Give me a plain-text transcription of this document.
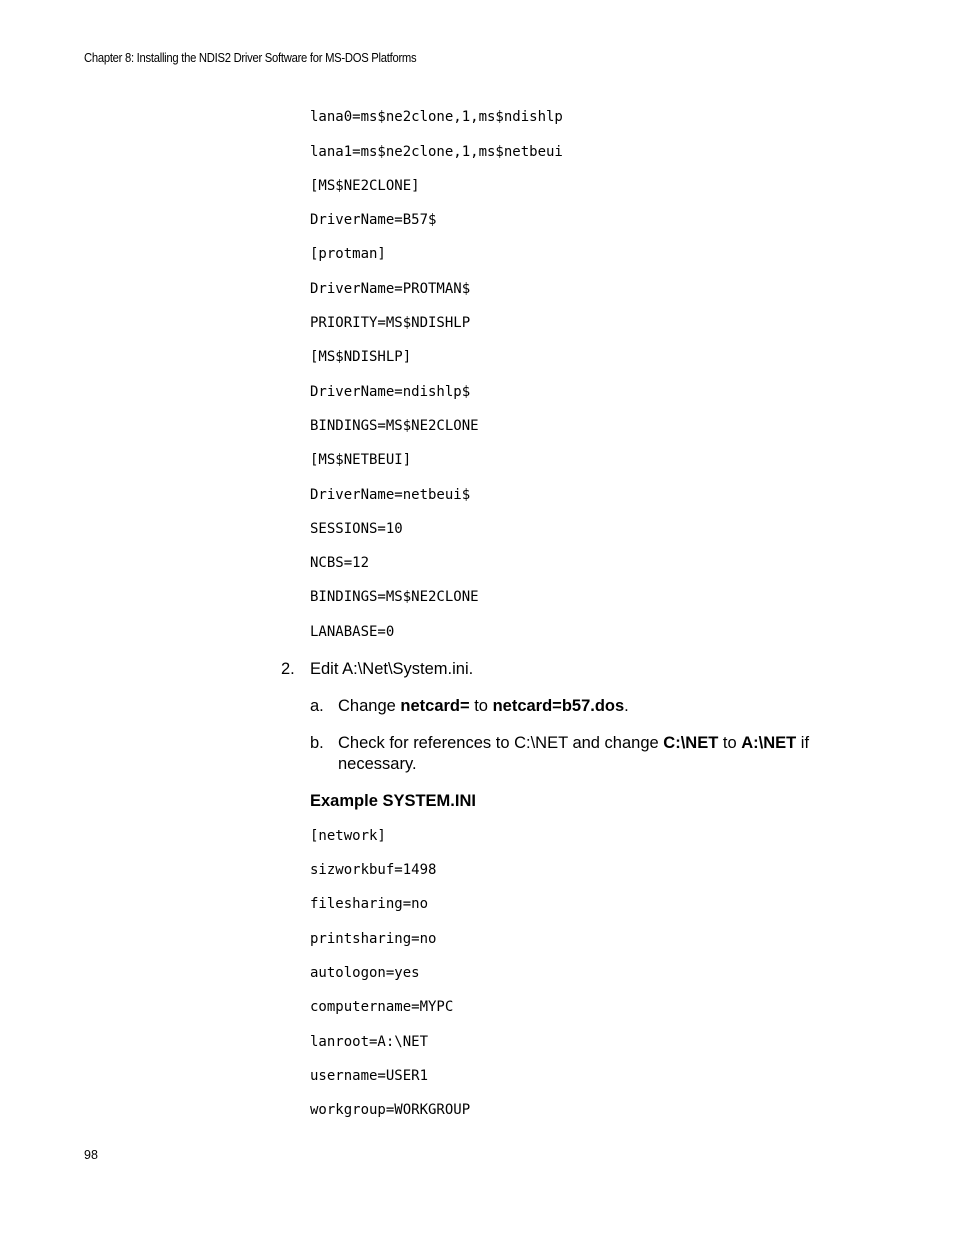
Chapter 8: Installing the NDIS2 Driver Software for MS-DOS Platforms
lana0=ms$ne2clone,1,ms$ndishlp
lana1=ms$ne2clone,1,ms$netbeui
[MS$NE2CLONE]
DriverName=B57$
[protman]
DriverName=PROTMAN$
PRIORITY=MS$NDISHLP
[MS$NDISHLP]
DriverName=ndishlp$
BINDINGS=MS$NE2CLONE
[MS$NETBEUI]
DriverName=netbeui$
SESSIONS=10
NCBS=12
BINDINGS=MS$NE2CLONE
LANABASE=0
2. Edit A:\Net\System.ini.
a. Change netcard= to netcard=b57.dos.
b. Check for references to C:\NET and change C:\NET to A:\NET if
necessary.
Example SYSTEM.INI
[network]
sizworkbuf=1498
filesharing=no
printsharing=no
autologon=yes
computername=MYPC
lanroot=A:\NET
username=USER1
workgroup=WORKGROUP
98
